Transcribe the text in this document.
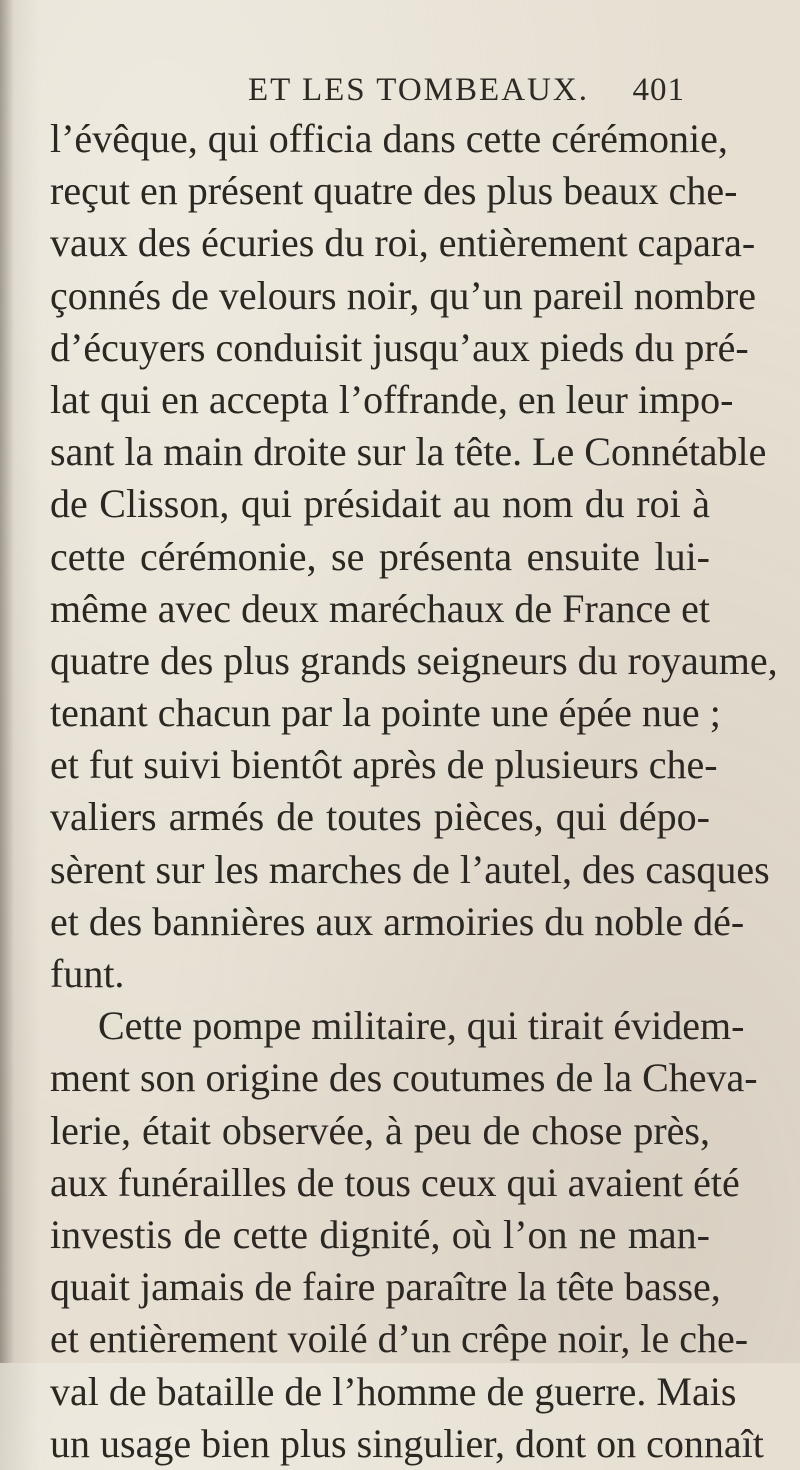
ET LES TOMBEAUX. 401
l’évêque, qui officia dans cette cérémonie,
reçut en présent quatre des plus beaux che-
vaux des écuries du roi, entièrement capara-
çonnés de velours noir, qu’un pareil nombre
d’écuyers conduisit jusqu’aux pieds du pré-
lat qui en accepta l’offrande, en leur impo-
sant la main droite sur la tête. Le Connétable
de Clisson, qui présidait au nom du roi à
cette cérémonie, se présenta ensuite lui-
même avec deux maréchaux de France et
quatre des plus grands seigneurs du royaume,
tenant chacun par la pointe une épée nue ;
et fut suivi bientôt après de plusieurs che-
valiers armés de toutes pièces, qui dépo-
sèrent sur les marches de l’autel, des casques
et des bannières aux armoiries du noble dé-
funt.
Cette pompe militaire, qui tirait évidem-
ment son origine des coutumes de la Cheva-
lerie, était observée, à peu de chose près,
aux funérailles de tous ceux qui avaient été
investis de cette dignité, où l’on ne man-
quait jamais de faire paraître la tête basse,
et entièrement voilé d’un crêpe noir, le che-
val de bataille de l’homme de guerre. Mais
un usage bien plus singulier, dont on connaît
